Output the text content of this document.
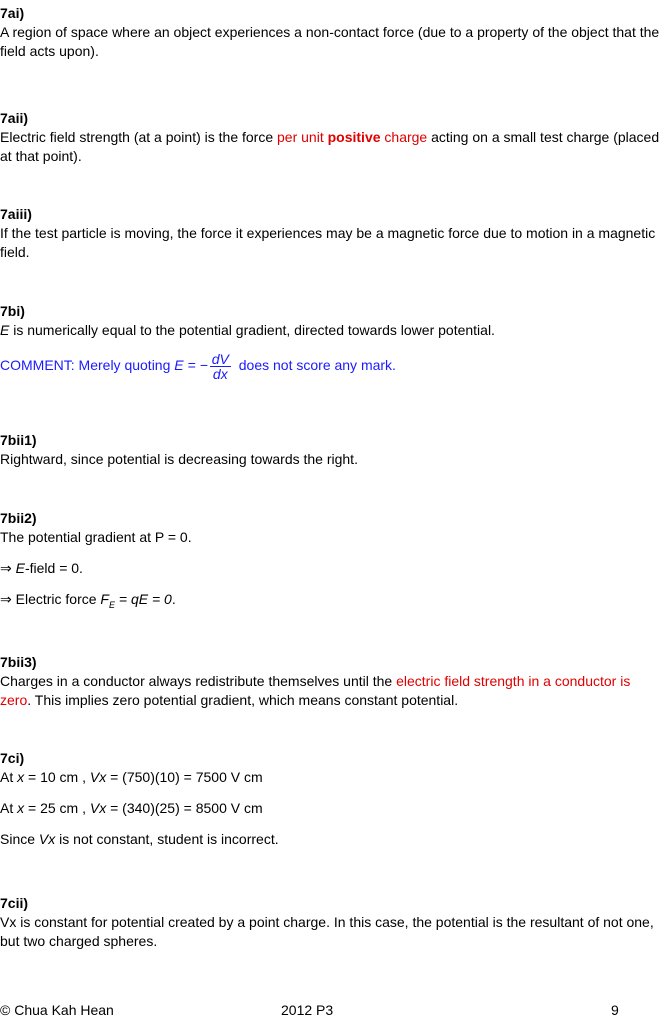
7ai)
A region of space where an object experiences a non-contact force (due to a property of the object that the field acts upon).
7aii)
Electric field strength (at a point) is the force per unit positive charge acting on a small test charge (placed at that point).
7aiii)
If the test particle is moving, the force it experiences may be a magnetic force due to motion in a magnetic field.
7bi)
E is numerically equal to the potential gradient, directed towards lower potential.
COMMENT: Merely quoting E = − $\frac{dV}{dx}$ does not score any mark.
7bii1)
Rightward, since potential is decreasing towards the right.
7bii2)
The potential gradient at P = 0.
⇒ E-field = 0.
⇒ Electric force $F_E$ = qE = 0.
7bii3)
Charges in a conductor always redistribute themselves until the electric field strength in a conductor is zero. This implies zero potential gradient, which means constant potential.
7ci)
At x = 10 cm , Vx = (750)(10) = 7500 V cm
At x = 25 cm , Vx = (340)(25) = 8500 V cm
Since Vx is not constant, student is incorrect.
7cii)
Vx is constant for potential created by a point charge. In this case, the potential is the resultant of not one, but two charged spheres.
© Chua Kah Hean	2012 P3	9
